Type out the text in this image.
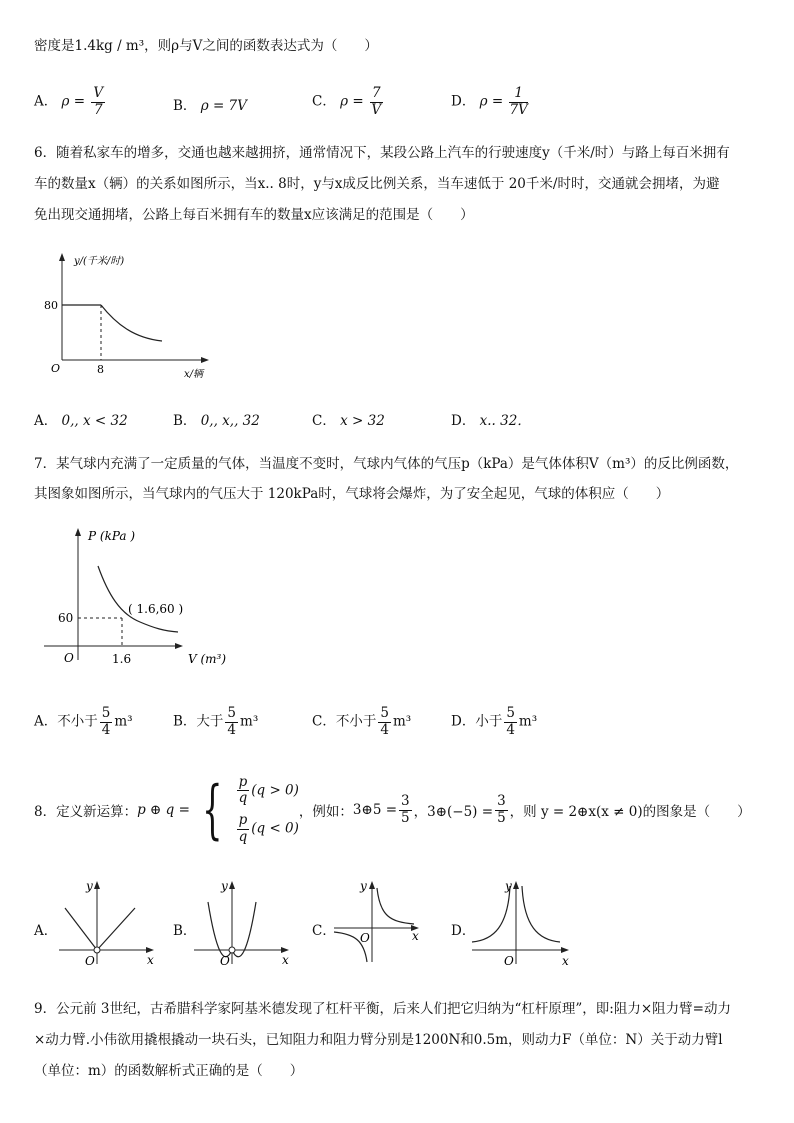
密度是1.4kg / m³，则ρ与V之间的函数表达式为（　　）
A． $\rho = \frac{V}{7}$	B． ρ = 7V	C． $\rho = \frac{7}{V}$	D． $\rho = \frac{1}{7V}$
6．随着私家车的增多，交通也越来越拥挤，通常情况下，某段公路上汽车的行驶速度y（千米/时）与路上每百米拥有
车的数量x（辆）的关系如图所示，当x.. 8时，y与x成反比例关系，当车速低于 20千米/时时，交通就会拥堵，为避
免出现交通拥堵，公路上每百米拥有车的数量x应该满足的范围是（　　）
y/(千米/时)
80
O	8	x/辆
A． 0,, x < 32	B． 0,, x,, 32	C． x > 32	D． x.. 32．
7．某气球内充满了一定质量的气体，当温度不变时，气球内气体的气压p（kPa）是气体体积V（m³）的反比例函数，
其图象如图所示，当气球内的气压大于 120kPa时，气球将会爆炸，为了安全起见，气球的体积应（　　）
P (kPa )
60
( 1.6,60 )
O	1.6	V (m³)
A．不小于 $\frac{5}{4} m^3$	B．大于 $\frac{5}{4} m^3$	C．不小于 $\frac{5}{4} m^3$	D．小于 $\frac{5}{4} m^3$
8．定义新运算： p ⊕ q = { $\frac{p}{q} (q > 0)$
$\frac{p}{q} (q < 0)$
，例如： 3⊕5 = $\frac{3}{5}$ ，3⊕(−5) = $\frac{3}{5}$ ，则 y = 2⊕x(x ≠ 0)的图象是（　　）
A．
y
O	x
B．
y
O	x
C．
y
O	x D．
y
O	x
9．公元前 3世纪，古希腊科学家阿基米德发现了杠杆平衡，后来人们把它归纳为“杠杆原理”，即:阻力×阻力臂=动力
×动力臂.小伟欲用撬根撬动一块石头，已知阻力和阻力臂分别是1200N和0.5m，则动力F（单位：N）关于动力臂l
（单位：m）的函数解析式正确的是（　　）
